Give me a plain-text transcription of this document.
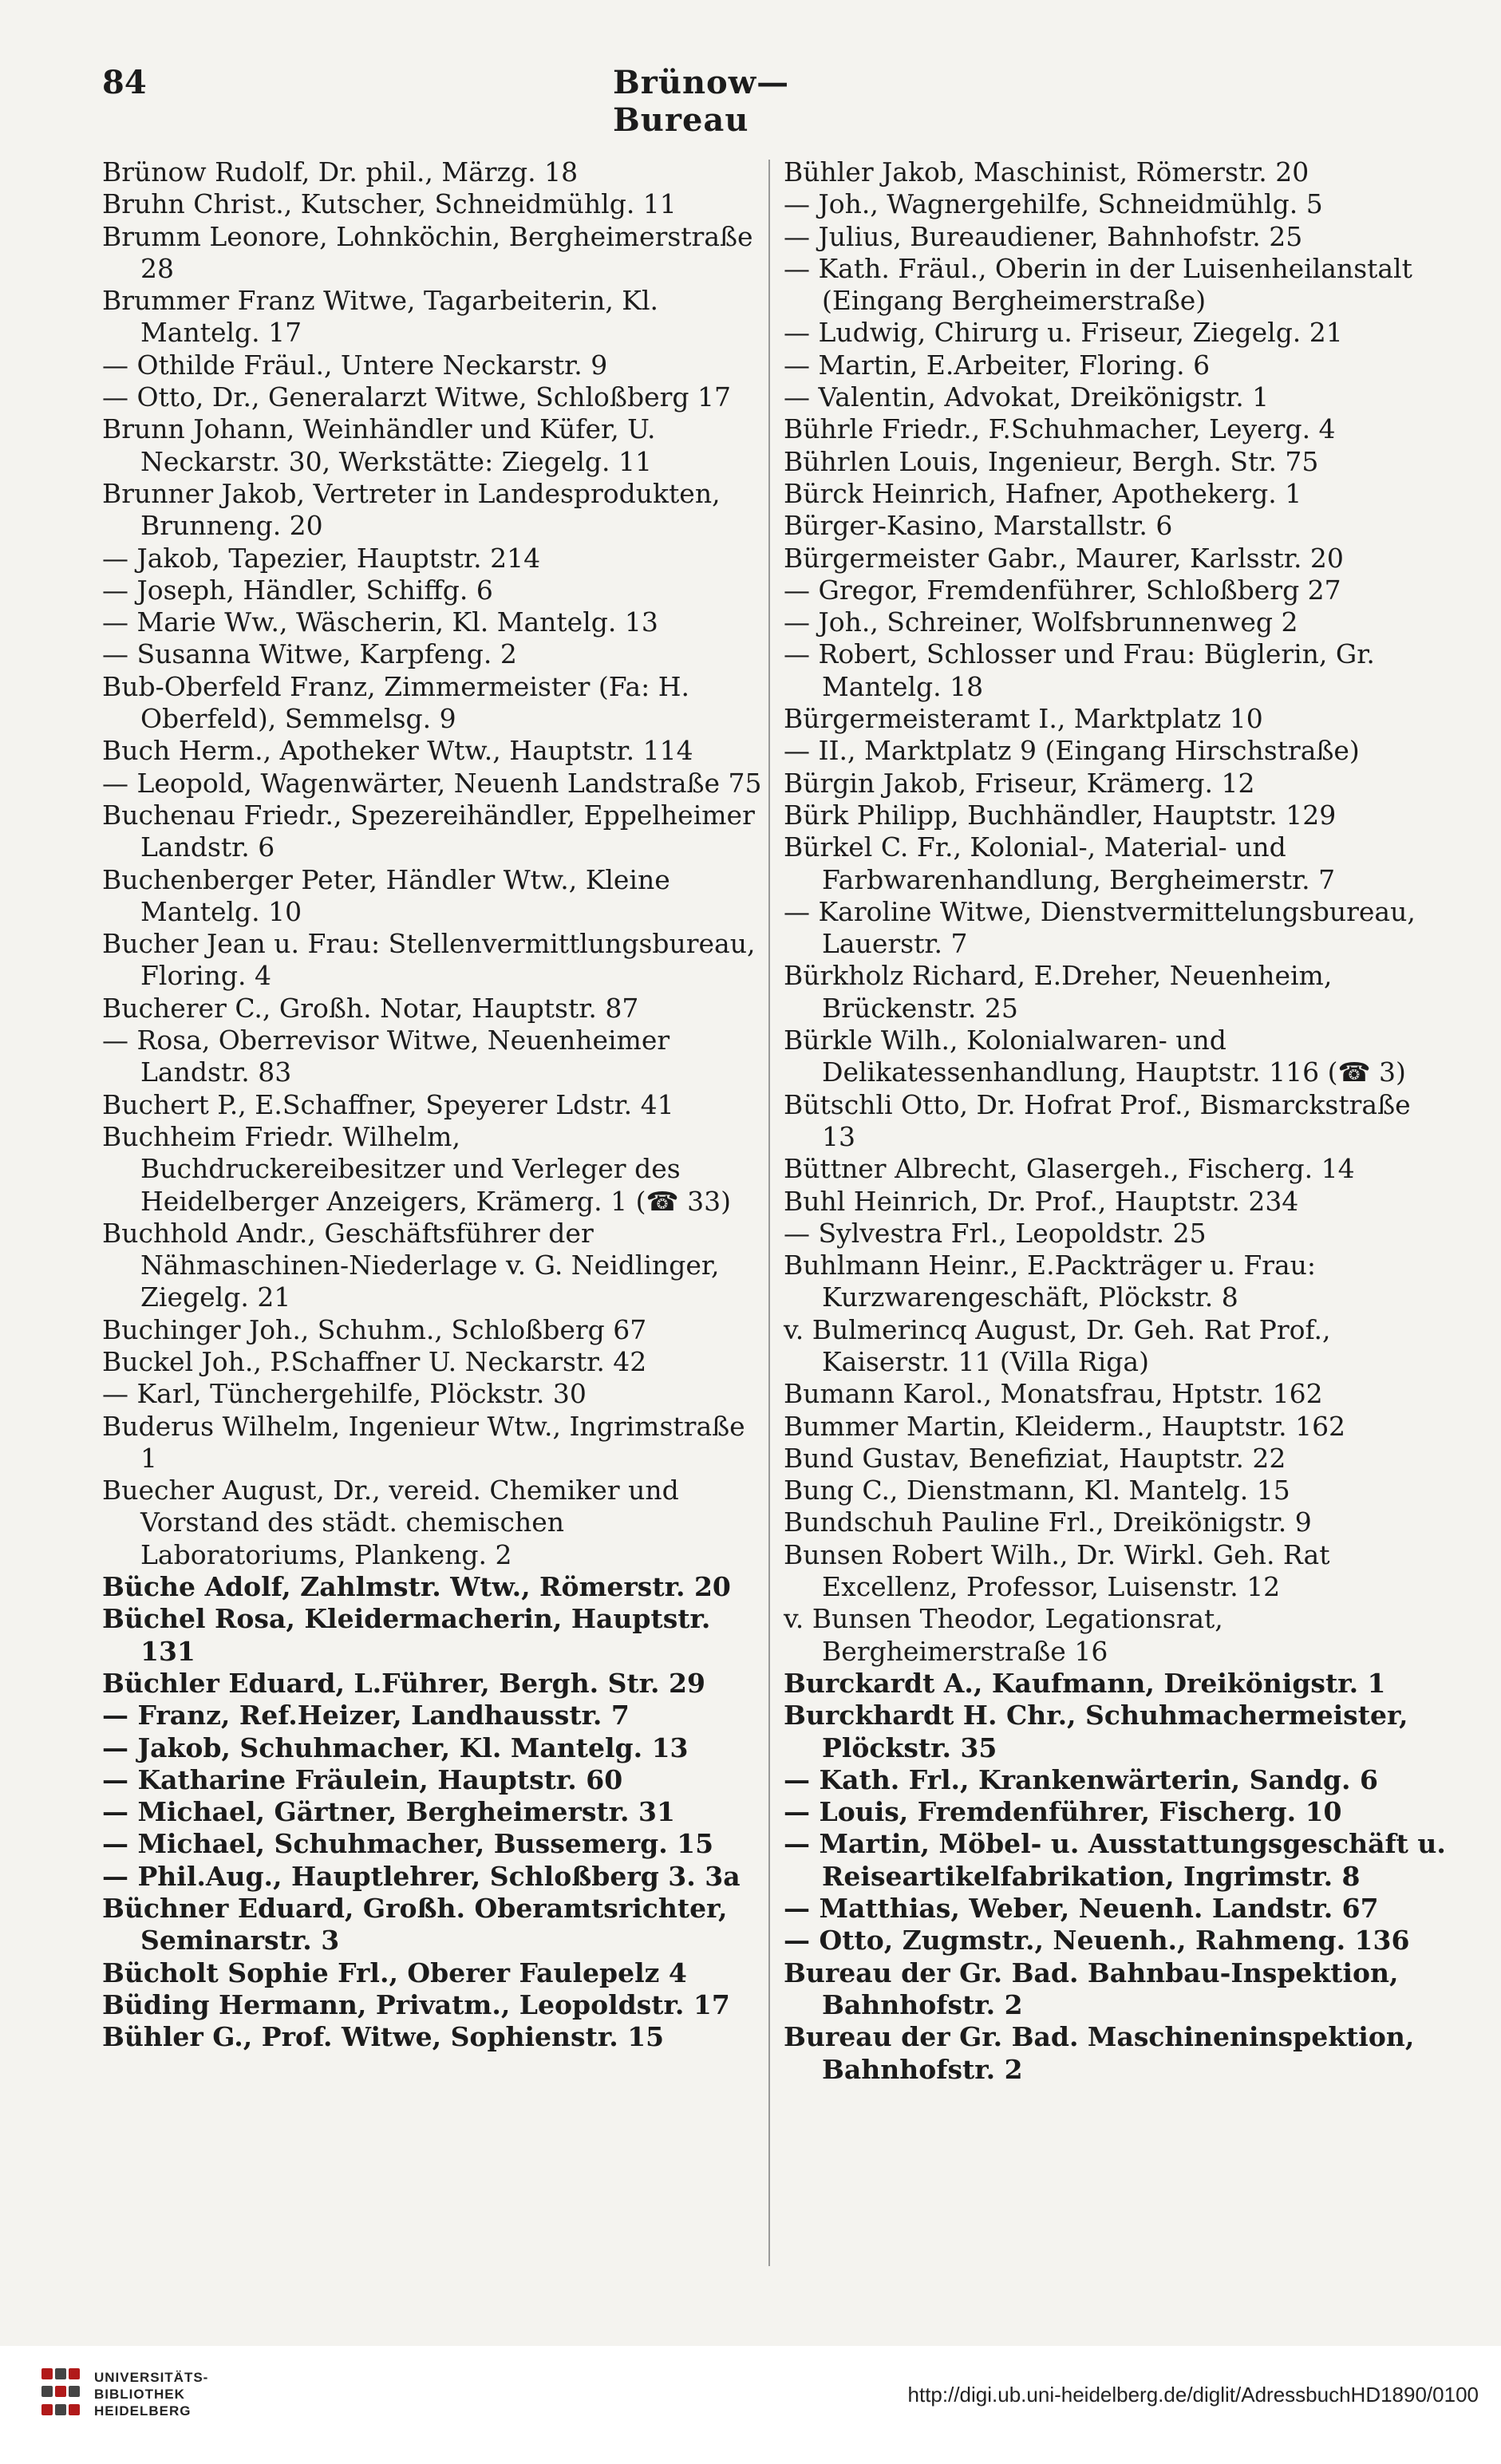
84	Brünow—Bureau
Brünow Rudolf, Dr. phil., Märzg. 18
Bruhn Christ., Kutscher, Schneidmühlg. 11
Brumm Leonore, Lohnköchin, Bergheimerstraße 28
Brummer Franz Witwe, Tagarbeiterin, Kl. Mantelg. 17
— Othilde Fräul., Untere Neckarstr. 9
— Otto, Dr., Generalarzt Witwe, Schloßberg 17
Brunn Johann, Weinhändler und Küfer, U. Neckarstr. 30, Werkstätte: Ziegelg. 11
Brunner Jakob, Vertreter in Landesprodukten, Brunneng. 20
— Jakob, Tapezier, Hauptstr. 214
— Joseph, Händler, Schiffg. 6
— Marie Ww., Wäscherin, Kl. Mantelg. 13
— Susanna Witwe, Karpfeng. 2
Bub-Oberfeld Franz, Zimmermeister (Fa: H. Oberfeld), Semmelsg. 9
Buch Herm., Apotheker Wtw., Hauptstr. 114
— Leopold, Wagenwärter, Neuenh Landstraße 75
Buchenau Friedr., Spezereihändler, Eppelheimer Landstr. 6
Buchenberger Peter, Händler Wtw., Kleine Mantelg. 10
Bucher Jean u. Frau: Stellenvermittlungsbureau, Floring. 4
Bucherer C., Großh. Notar, Hauptstr. 87
— Rosa, Oberrevisor Witwe, Neuenheimer Landstr. 83
Buchert P., E.Schaffner, Speyerer Ldstr. 41
Buchheim Friedr. Wilhelm, Buchdruckereibesitzer und Verleger des Heidelberger Anzeigers, Krämerg. 1 (☎ 33)
Buchhold Andr., Geschäftsführer der Nähmaschinen-Niederlage v. G. Neidlinger, Ziegelg. 21
Buchinger Joh., Schuhm., Schloßberg 67
Buckel Joh., P.Schaffner U. Neckarstr. 42
— Karl, Tünchergehilfe, Plöckstr. 30
Buderus Wilhelm, Ingenieur Wtw., Ingrimstraße 1
Buecher August, Dr., vereid. Chemiker und Vorstand des städt. chemischen Laboratoriums, Plankeng. 2
Büche Adolf, Zahlmstr. Wtw., Römerstr. 20
Büchel Rosa, Kleidermacherin, Hauptstr. 131
Büchler Eduard, L.Führer, Bergh. Str. 29
— Franz, Ref.Heizer, Landhausstr. 7
— Jakob, Schuhmacher, Kl. Mantelg. 13
— Katharine Fräulein, Hauptstr. 60
— Michael, Gärtner, Bergheimerstr. 31
— Michael, Schuhmacher, Bussemerg. 15
— Phil.Aug., Hauptlehrer, Schloßberg 3. 3a
Büchner Eduard, Großh. Oberamtsrichter, Seminarstr. 3
Bücholt Sophie Frl., Oberer Faulepelz 4
Büding Hermann, Privatm., Leopoldstr. 17
Bühler G., Prof. Witwe, Sophienstr. 15
Bühler Jakob, Maschinist, Römerstr. 20
— Joh., Wagnergehilfe, Schneidmühlg. 5
— Julius, Bureaudiener, Bahnhofstr. 25
— Kath. Fräul., Oberin in der Luisenheilanstalt (Eingang Bergheimerstraße)
— Ludwig, Chirurg u. Friseur, Ziegelg. 21
— Martin, E.Arbeiter, Floring. 6
— Valentin, Advokat, Dreikönigstr. 1
Bührle Friedr., F.Schuhmacher, Leyerg. 4
Bührlen Louis, Ingenieur, Bergh. Str. 75
Bürck Heinrich, Hafner, Apothekerg. 1
Bürger-Kasino, Marstallstr. 6
Bürgermeister Gabr., Maurer, Karlsstr. 20
— Gregor, Fremdenführer, Schloßberg 27
— Joh., Schreiner, Wolfsbrunnenweg 2
— Robert, Schlosser und Frau: Büglerin, Gr. Mantelg. 18
Bürgermeisteramt I., Marktplatz 10
— II., Marktplatz 9 (Eingang Hirschstraße)
Bürgin Jakob, Friseur, Krämerg. 12
Bürk Philipp, Buchhändler, Hauptstr. 129
Bürkel C. Fr., Kolonial-, Material- und Farbwarenhandlung, Bergheimerstr. 7
— Karoline Witwe, Dienstvermittelungsbureau, Lauerstr. 7
Bürkholz Richard, E.Dreher, Neuenheim, Brückenstr. 25
Bürkle Wilh., Kolonialwaren- und Delikatessenhandlung, Hauptstr. 116 (☎ 3)
Bütschli Otto, Dr. Hofrat Prof., Bismarckstraße 13
Büttner Albrecht, Glasergeh., Fischerg. 14
Buhl Heinrich, Dr. Prof., Hauptstr. 234
— Sylvestra Frl., Leopoldstr. 25
Buhlmann Heinr., E.Packträger u. Frau: Kurzwarengeschäft, Plöckstr. 8
v. Bulmerincq August, Dr. Geh. Rat Prof., Kaiserstr. 11 (Villa Riga)
Bumann Karol., Monatsfrau, Hptstr. 162
Bummer Martin, Kleiderm., Hauptstr. 162
Bund Gustav, Benefiziat, Hauptstr. 22
Bung C., Dienstmann, Kl. Mantelg. 15
Bundschuh Pauline Frl., Dreikönigstr. 9
Bunsen Robert Wilh., Dr. Wirkl. Geh. Rat Excellenz, Professor, Luisenstr. 12
v. Bunsen Theodor, Legationsrat, Bergheimerstraße 16
Burckardt A., Kaufmann, Dreikönigstr. 1
Burckhardt H. Chr., Schuhmachermeister, Plöckstr. 35
— Kath. Frl., Krankenwärterin, Sandg. 6
— Louis, Fremdenführer, Fischerg. 10
— Martin, Möbel- u. Ausstattungsgeschäft u. Reiseartikelfabrikation, Ingrimstr. 8
— Matthias, Weber, Neuenh. Landstr. 67
— Otto, Zugmstr., Neuenh., Rahmeng. 136
Bureau der Gr. Bad. Bahnbau-Inspektion, Bahnhofstr. 2
Bureau der Gr. Bad. Maschineninspektion, Bahnhofstr. 2
UNIVERSITÄTS-
BIBLIOTHEK
HEIDELBERG
http://digi.ub.uni-heidelberg.de/diglit/AdressbuchHD1890/0100
